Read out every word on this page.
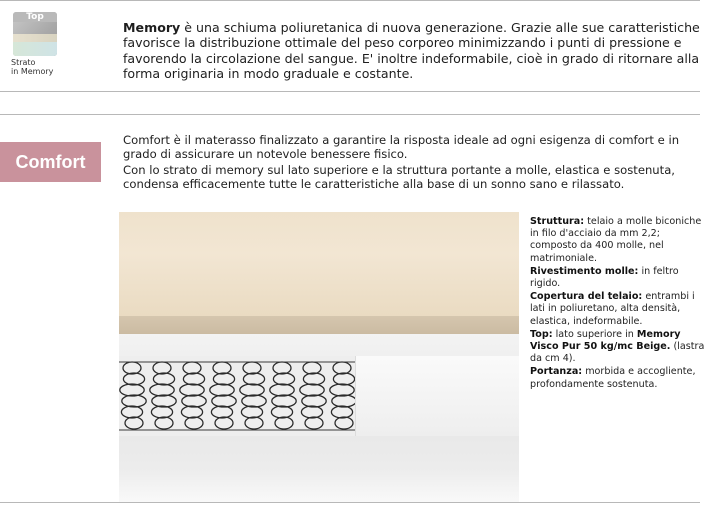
Top
Strato
in Memory
Memory è una schiuma poliuretanica di nuova generazione. Grazie alle sue caratteristiche favorisce la distribuzione ottimale del peso corporeo minimizzando i punti di pressione e favorendo la circolazione del sangue. E' inoltre indeformabile, cioè in grado di ritornare alla forma originaria in modo graduale e costante.
Comfort

Comfort è il materasso finalizzato a garantire la risposta ideale ad ogni esigenza di comfort e in grado di assicurare un notevole benessere fisico.

Con lo strato di memory sul lato superiore e la struttura portante a molle, elastica e sostenuta, condensa efficacemente tutte le caratteristiche alla base di un sonno sano e rilassato.

Struttura: telaio a molle biconiche in filo d'acciaio da mm 2,2; composto da 400 molle, nel matrimoniale.

Rivestimento molle: in feltro rigido.

Copertura del telaio: entrambi i lati in poliuretano, alta densità, elastica, indeformabile.

Top: lato superiore in Memory Visco Pur 50 kg/mc Beige. (lastra da cm 4).

Portanza: morbida e accogliente, profondamente sostenuta.
